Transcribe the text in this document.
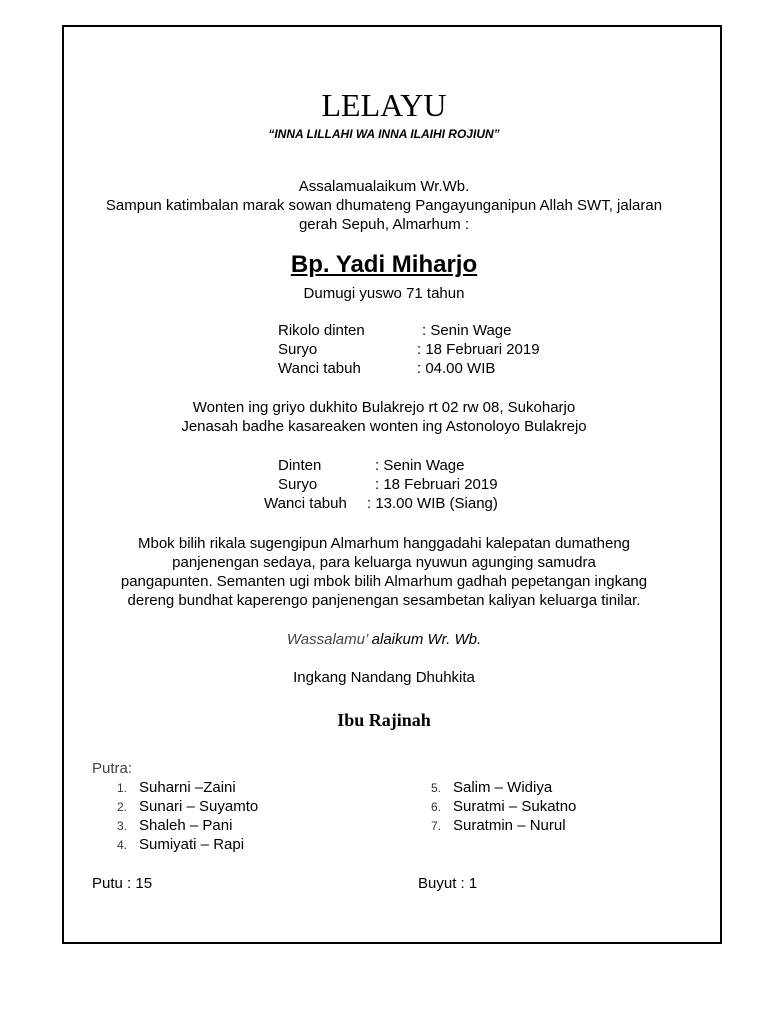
LELAYU
“INNA LILLAHI WA INNA ILAIHI ROJIUN”
Assalamualaikum Wr.Wb.
Sampun katimbalan marak sowan dhumateng Pangayunganipun Allah SWT, jalaran
gerah Sepuh, Almarhum :
Bp. Yadi Miharjo
Dumugi yuswo 71 tahun
Rikolo dinten	: Senin Wage
Suryo	: 18 Februari 2019
Wanci tabuh	: 04.00 WIB
Wonten ing griyo dukhito Bulakrejo rt 02 rw 08, Sukoharjo
Jenasah badhe kasareaken wonten ing Astonoloyo Bulakrejo
Dinten	: Senin Wage
Suryo	: 18 Februari 2019
Wanci tabuh : 13.00 WIB (Siang)
Mbok bilih rikala sugengipun Almarhum hanggadahi kalepatan dumatheng
panjenengan sedaya, para keluarga nyuwun agunging samudra
pangapunten. Semanten ugi mbok bilih Almarhum gadhah pepetangan ingkang
dereng bundhat kaperengo panjenengan sesambetan kaliyan keluarga tinilar.
Wassalamu’ alaikum Wr. Wb.
Ingkang Nandang Dhuhkita
Ibu Rajinah
Putra:
1. Suharni –Zaini
2. Sunari – Suyamto
3. Shaleh – Pani
4. Sumiyati – Rapi
5. Salim – Widiya
6. Suratmi – Sukatno
7. Suratmin – Nurul
Putu : 15	Buyut : 1
